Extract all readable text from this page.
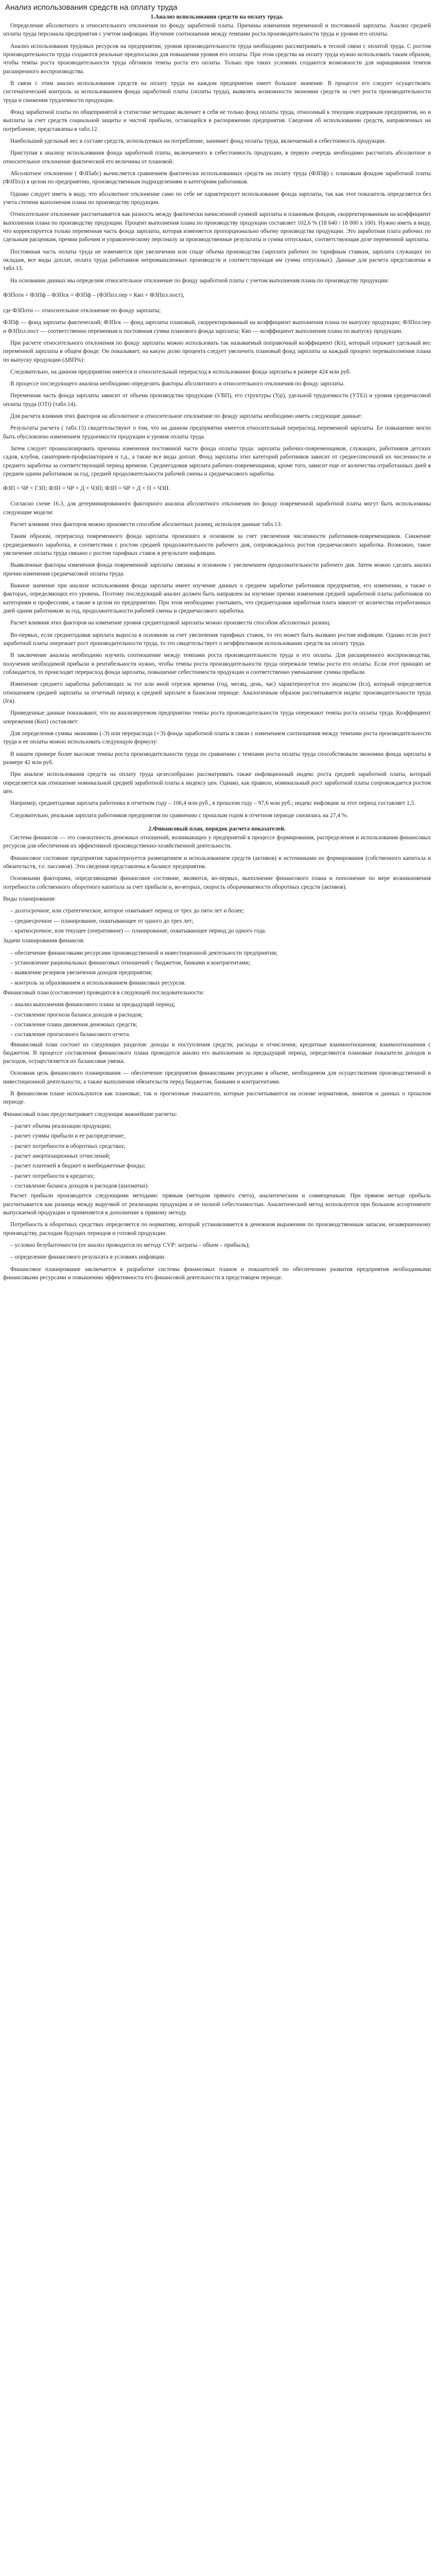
Анализ использования средств на оплату труда
1.Анализ использования средств на оплату труда.
Определение абсолютного и относительного отклонения по фонду заработной платы. Причины изменения переменной и постоянной зарплаты. Анализ средней оплаты труда персонала предприятия с учетом инфляции. Изучение соотношения между темпами роста производительности труда и уровня его оплаты.
Анализ использования трудовых ресурсов на предприятии, уровня производительности труда необходимо рассматривать в тесной связи с оплатой труда. С ростом производительности труда создаются реальные предпосылки для повышения уровня его оплаты. При этом средства на оплату труда нужно использовать таким образом, чтобы темпы роста производительности труда обгоняли темпы роста его оплаты. Только при таких условиях создаются возможности для наращивания темпов расширенного воспроизводства.
В связи с этим анализ использования средств на оплату труда на каждом предприятии имеет большое значение. В процессе его следует осуществлять систематический контроль за использованием фонда заработной платы (оплаты труда), выявлять возможности экономии средств за счет роста производительности труда и снижения трудоемкости продукции.
Фонд заработной платы по общепринятой в статистике методике включает в себя не только фонд оплаты труда, относимый к текущим издержкам предприятия, но и выплаты за счет средств социальной защиты и чистой прибыли, остающейся в распоряжении предприятия. Сведения об использовании средств, направленных на потребление, представлены в табл.12.
Наибольший удельный вес в составе средств, используемых на потребление, занимает фонд оплаты труда, включаемый в себестоимость продукции.
Приступая к анализу использования фонда заработной платы, включаемого в себестоимость продукции, в первую очередь необходимо рассчитать абсолютное и относительное отклонение фактической его величины от плановой.
Абсолютное отклонение ( ФЗПабс) вычисляется сравнением фактически использованных средств на оплату труда (ФЗПф) с плановым фондом заработной платы (ФЗПпл) в целом по предприятию, производственным подразделениям и категориям работников.
Однако следует иметь в виду, что абсолютное отклонение само по себе не характеризует использование фонда зарплаты, так как этот показатель определяется без учета степени выполнения плана по производству продукции.
Относительное отклонение рассчитывается как разность между фактически начисленной суммой зарплаты и плановым фондом, скорректированным на коэффициент выполнения плана по производству продукции. Процент выполнения плана по производству продукции составляет 102,6 % (18 640 / 18 000 х 100). Нужно иметь в виду, что корректируется только переменная часть фонда зарплаты, которая изменяется пропорционально объему производства продукции. Это заработная плата рабочих по сдельным расценкам, премии рабочим и управленческому персоналу за производственные результаты и сумма отпускных, соответствующая доле переменной зарплаты.
Постоянная часть оплаты труда не изменяется при увеличении или спаде объема производства (зарплата рабочих по тарифным ставкам, зарплата служащих по окладам, все виды доплат, оплата труда работников непромышленных производств и соответствующая им сумма отпускных). Данные для расчета представлены в табл.13.
На основании данных мы определим относительное отклонение по фонду заработной платы с учетом выполнения плана по производству продукции:
ФЗПотн = ФЗПф – ФЗПск = ФЗПф – (ФЗПпл.пер × Квп + ФЗПпл.пост),
где ФЗПотн — относительное отклонение по фонду зарплаты;
ФЗПф — фонд зарплаты фактический; ФЗПск — фонд зарплаты плановый, скорректированный на коэффициент выполнения плана по выпуску продукции; ФЗПпл.пер и ФЗПпл.пост — соответственно переменная и постоянная сумма планового фонда зарплаты; Квп — коэффициент выполнения плана по выпуску продукции.
При расчете относительного отклонения по фонду зарплаты можно использовать так называемый поправочный коэффициент (Кп), который отражает удельный вес переменной зарплаты в общем фонде. Он показывает, на какую долю процента следует увеличить плановый фонд зарплаты за каждый процент перевыполнения плана по выпуску продукции (ΔВП%):
Следовательно, на данном предприятии имеется и относительный перерасход в использовании фонда зарплаты в размере 424 млн руб.
В процессе последующего анализа необходимо определить факторы абсолютного и относительного отклонения по фонду зарплаты.
Переменная часть фонда зарплаты зависит от объема производства продукции (VВП), его структуры (Удi), удельной трудоемкости (УТЕi) и уровня среднечасовой оплаты труда (ОТi) (табл.14).
Для расчета влияния этих факторов на абсолютное и относительное отклонение по фонду зарплаты необходимо иметь следующие данные:
Результаты расчета ( табл.15) свидетельствуют о том, что на данном предприятии имеется относительный перерасход переменной зарплаты. Ее повышение могло быть обусловлено изменением трудоемкости продукции и уровня оплаты труда.
Затем следует проанализировать причины изменения постоянной части фонда оплаты труда: зарплаты рабочих-повременщиков, служащих, работников детских садов, клубов, санаториев-профилакториев и т.д., а также все виды доплат. Фонд зарплаты этих категорий работников зависит от среднесписочной их численности и среднего заработка за соответствующий период времени. Среднегодовая зарплата рабочих-повременщиков, кроме того, зависит еще от количества отработанных дней в среднем одним работником за год, средней продолжительности рабочей смены и среднечасового заработка.
ФЗП = ЧР × ГЗП; ФЗП = ЧР × Д × ЧЗП; ФЗП = ЧР × Д × П × ЧЗП.
Согласно схеме 16.3, для детерминированного факторного анализа абсолютного отклонения по фонду повременной заработной платы могут быть использованы следующие модели:
Расчет влияния этих факторов можно произвести способом абсолютных разниц, используя данные табл.13:
Таким образом, перерасход повременного фонда зарплаты произошел в основном за счет увеличения численности работников-повременщиков. Снижение среднедневного заработка, в соответствии с ростом средней продолжительности рабочего дня, сопровождалось ростом среднечасового заработка. Возможно, такое увеличение оплаты труда связано с ростом тарифных ставок в результате инфляции.
Выявленные факторы изменения фонда повременной зарплаты связаны в основном с увеличением продолжительности рабочего дня. Затем можно сделать анализ причин изменения среднечасовой оплаты труда.
Важное значение при анализе использования фонда зарплаты имеет изучение данных о среднем заработке работников предприятия, его изменении, а также о факторах, определяющих его уровень. Поэтому последующий анализ должен быть направлен на изучение причин изменения средней заработной платы работников по категориям и профессиям, а также в целом по предприятию. При этом необходимо учитывать, что среднегодовая заработная плата зависит от количества отработанных дней одним работником за год, продолжительности рабочей смены и среднечасового заработка.
Расчет влияния этих факторов на изменение уровня среднегодовой зарплаты можно произвести способом абсолютных разниц.
Во-первых, если среднегодовая зарплата выросла в основном за счет увеличения тарифных ставок, то это может быть вызвано ростом инфляции. Однако если рост заработной платы опережает рост производительности труда, то это свидетельствует о неэффективном использовании средств на оплату труда.
В заключение анализа необходимо изучить соотношение между темпами роста производительности труда и его оплаты. Для расширенного воспроизводства, получения необходимой прибыли и рентабельности нужно, чтобы темпы роста производительности труда опережали темпы роста его оплаты. Если этот принцип не соблюдается, то происходят перерасход фонда зарплаты, повышение себестоимости продукции и соответственно уменьшение суммы прибыли.
Изменение среднего заработка работающих за тот или иной отрезок времени (год, месяц, день, час) характеризуется его индексом (Iсз), который определяется отношением средней зарплаты за отчетный период к средней зарплате в базисном периоде. Аналогичным образом рассчитывается индекс производительности труда (Iгв).
Приведенные данные показывают, что на анализируемом предприятии темпы роста производительности труда опережают темпы роста оплаты труда. Коэффициент опережения (Коп) составляет:
Для определения суммы экономии (-Э) или перерасхода (+Э) фонда заработной платы в связи с изменением соотношения между темпами роста производительности труда и ее оплаты можно использовать следующую формулу:
В нашем примере более высокие темпы роста производительности труда по сравнению с темпами роста оплаты труда способствовали экономии фонда зарплаты в размере 42 млн руб.
При анализе использования средств на оплату труда целесообразно рассматривать также инфляционный индекс роста средней заработной платы, который определяется как отношение номинальной средней заработной платы к индексу цен. Однако, как правило, номинальный рост заработной платы сопровождается ростом цен.
Например, среднегодовая зарплата работника в отчетном году – 106,4 млн руб., в прошлом году – 97,6 млн руб.; индекс инфляции за этот период составляет 1,5.
Следовательно, реальная зарплата работников предприятия по сравнению с прошлым годом в отчетном периоде снизилась на 27,4 %.
2.Финансовый план, порядок расчета показателей.
Система финансов — это совокупность денежных отношений, возникающих у предприятий в процессе формирования, распределения и использования финансовых ресурсов для обеспечения их эффективной производственно-хозяйственной деятельности.
Финансовое состояние предприятия характеризуется размещением и использованием средств (активов) и источниками их формирования (собственного капитала и обязательств, т.е. пассивов). Эти сведения представлены в балансе предприятия.
Основными факторами, определяющими финансовое состояние, являются, во-первых, выполнение финансового плана и пополнение по мере возникновения потребности собственного оборотного капитала за счет прибыли и, во-вторых, скорость оборачиваемости оборотных средств (активов).
Виды планирования:
– долгосрочное, или стратегическое, которое охватывает период от трех до пяти лет и более;
– среднесрочное — планирование, охватывающее от одного до трех лет;
– краткосрочное, или текущее (оперативное) — планирование, охватывающее период до одного года.
Задачи планирования финансов:
– обеспечение финансовыми ресурсами производственной и инвестиционной деятельности предприятия;
– установление рациональных финансовых отношений с бюджетом, банками и контрагентами;
– выявление резервов увеличения доходов предприятия;
– контроль за образованием и использованием финансовых ресурсов.
Финансовый план (составление) проводится в следующей последовательности:
– анализ выполнения финансового плана за предыдущий период;
– составление прогноза баланса доходов и расходов;
– составление плана движения денежных средств;
– составление прогнозного балансового отчета.
Финансовый план состоит из следующих разделов: доходы и поступления средств; расходы и отчисления; кредитные взаимоотношения; взаимоотношения с бюджетом. В процессе составления финансового плана проводится анализ его выполнения за предыдущий период, определяются плановые показатели доходов и расходов, осуществляется их балансовая увязка.
Основная цель финансового планирования — обеспечение предприятия финансовыми ресурсами в объеме, необходимом для осуществления производственной и инвестиционной деятельности, а также выполнения обязательств перед бюджетом, банками и контрагентами.
В финансовом плане используются как плановые, так и прогнозные показатели, которые рассчитываются на основе нормативов, лимитов и данных о прошлом периоде.
Финансовый план предусматривает следующие важнейшие расчеты:
– расчет объема реализации продукции;
– расчет суммы прибыли и ее распределение;
– расчет потребности в оборотных средствах;
– расчет амортизационных отчислений;
– расчет платежей в бюджет и внебюджетные фонды;
– расчет потребности в кредитах;
– составление баланса доходов и расходов (шахматки).
Расчет прибыли производится следующими методами: прямым (методом прямого счета), аналитическим и совмещенным. При прямом методе прибыль рассчитывается как разница между выручкой от реализации продукции и ее полной себестоимостью. Аналитический метод используется при большом ассортименте выпускаемой продукции и применяется в дополнение к прямому методу.
Потребность в оборотных средствах определяется по нормативу, который устанавливается в денежном выражении по производственным запасам, незавершенному производству, расходам будущих периодов и готовой продукции.
– условно безубыточности (ее анализ проводится по методу CVP: затраты – объем – прибыль);
– определение финансового результата в условиях инфляции.
Финансовое планирование заключается в разработке системы финансовых планов и показателей по обеспечению развития предприятия необходимыми финансовыми ресурсами и повышению эффективности его финансовой деятельности в предстоящем периоде.
